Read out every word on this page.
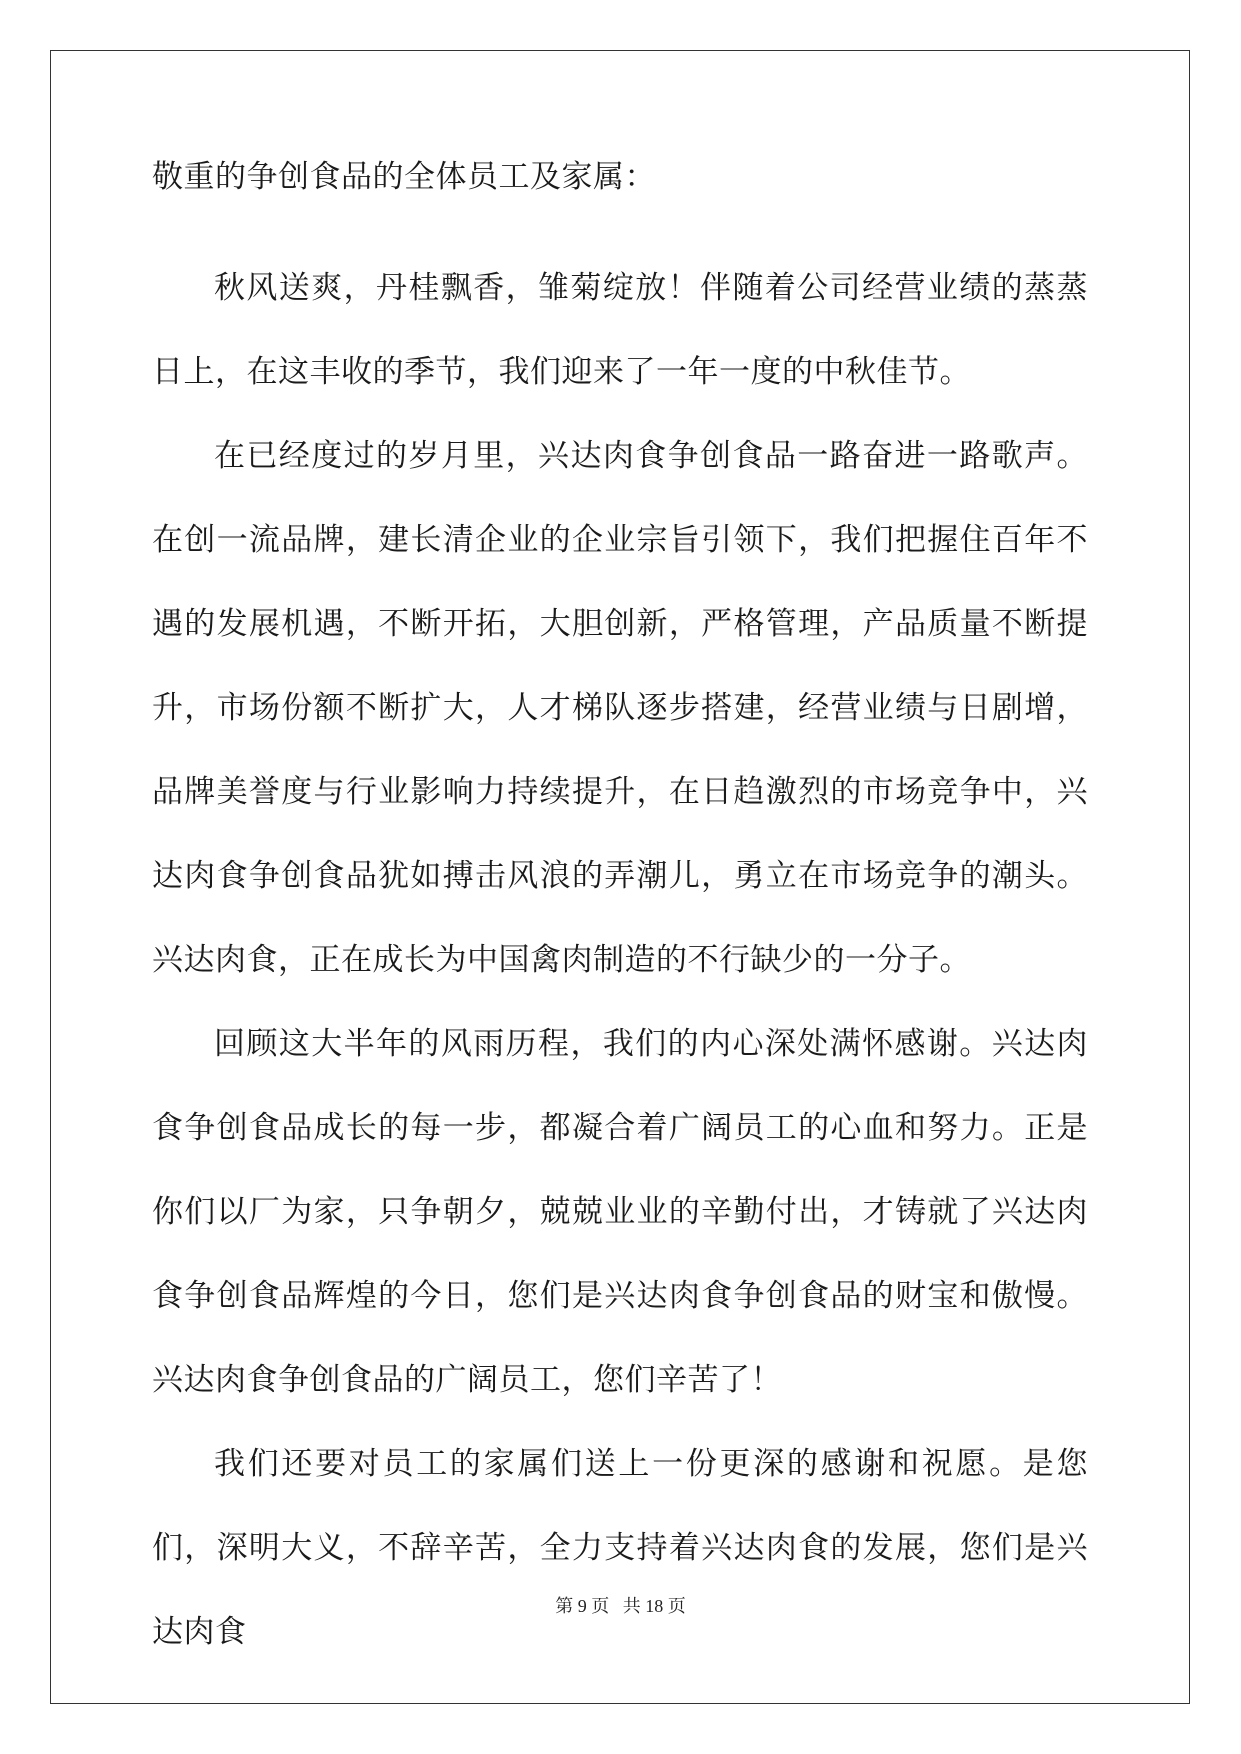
敬重的争创食品的全体员工及家属：

秋风送爽，丹桂飘香，雏菊绽放！伴随着公司经营业绩的蒸蒸日上，在这丰收的季节，我们迎来了一年一度的中秋佳节。

在已经度过的岁月里，兴达肉食争创食品一路奋进一路歌声。在创一流品牌，建长清企业的企业宗旨引领下，我们把握住百年不遇的发展机遇，不断开拓，大胆创新，严格管理，产品质量不断提升，市场份额不断扩大，人才梯队逐步搭建，经营业绩与日剧增，品牌美誉度与行业影响力持续提升，在日趋激烈的市场竞争中，兴达肉食争创食品犹如搏击风浪的弄潮儿，勇立在市场竞争的潮头。兴达肉食，正在成长为中国禽肉制造的不行缺少的一分子。

回顾这大半年的风雨历程，我们的内心深处满怀感谢。兴达肉食争创食品成长的每一步，都凝合着广阔员工的心血和努力。正是你们以厂为家，只争朝夕，兢兢业业的辛勤付出，才铸就了兴达肉食争创食品辉煌的今日，您们是兴达肉食争创食品的财宝和傲慢。兴达肉食争创食品的广阔员工，您们辛苦了！

我们还要对员工的家属们送上一份更深的感谢和祝愿。是您们，深明大义，不辞辛苦，全力支持着兴达肉食的发展，您们是兴达肉食

第 9 页 共 18 页
